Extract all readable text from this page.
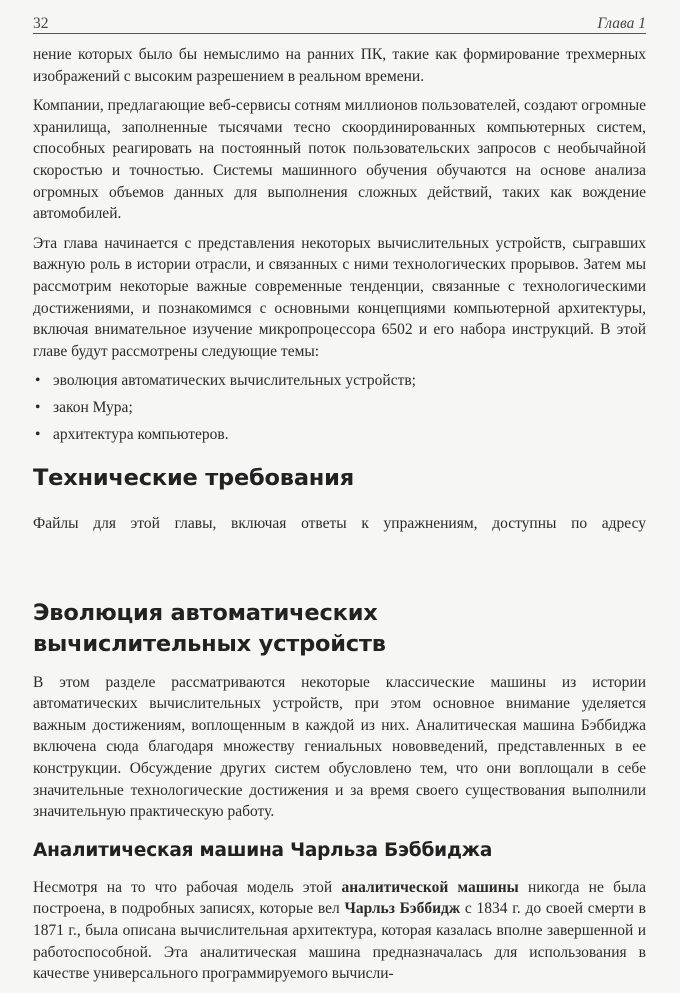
32	Глава 1

нение которых было бы немыслимо на ранних ПК, такие как формирование трехмерных изображений с высоким разрешением в реальном времени.

Компании, предлагающие веб-сервисы сотням миллионов пользователей, создают огромные хранилища, заполненные тысячами тесно скоординированных компьютерных систем, способных реагировать на постоянный поток пользовательских запросов с необычайной скоростью и точностью. Системы машинного обучения обучаются на основе анализа огромных объемов данных для выполнения сложных действий, таких как вождение автомобилей.

Эта глава начинается с представления некоторых вычислительных устройств, сыгравших важную роль в истории отрасли, и связанных с ними технологических прорывов. Затем мы рассмотрим некоторые важные современные тенденции, связанные с технологическими достижениями, и познакомимся с основными концепциями компьютерной архитектуры, включая внимательное изучение микропроцессора 6502 и его набора инструкций. В этой главе будут рассмотрены следующие темы:

• эволюция автоматических вычислительных устройств;
• закон Мура;
• архитектура компьютеров.
Технические требования

Файлы для этой главы, включая ответы к упражнениям, доступны по адресу

Эволюция автоматических
вычислительных устройств

В этом разделе рассматриваются некоторые классические машины из истории автоматических вычислительных устройств, при этом основное внимание уделяется важным достижениям, воплощенным в каждой из них. Аналитическая машина Бэббиджа включена сюда благодаря множеству гениальных нововведений, представленных в ее конструкции. Обсуждение других систем обусловлено тем, что они воплощали в себе значительные технологические достижения и за время своего существования выполнили значительную практическую работу.

Аналитическая машина Чарльза Бэббиджа

Несмотря на то что рабочая модель этой аналитической машины никогда не была построена, в подробных записях, которые вел Чарльз Бэббидж с 1834 г. до своей смерти в 1871 г., была описана вычислительная архитектура, которая казалась вполне завершенной и работоспособной. Эта аналитическая машина предназначалась для использования в качестве универсального программируемого вычисли-
